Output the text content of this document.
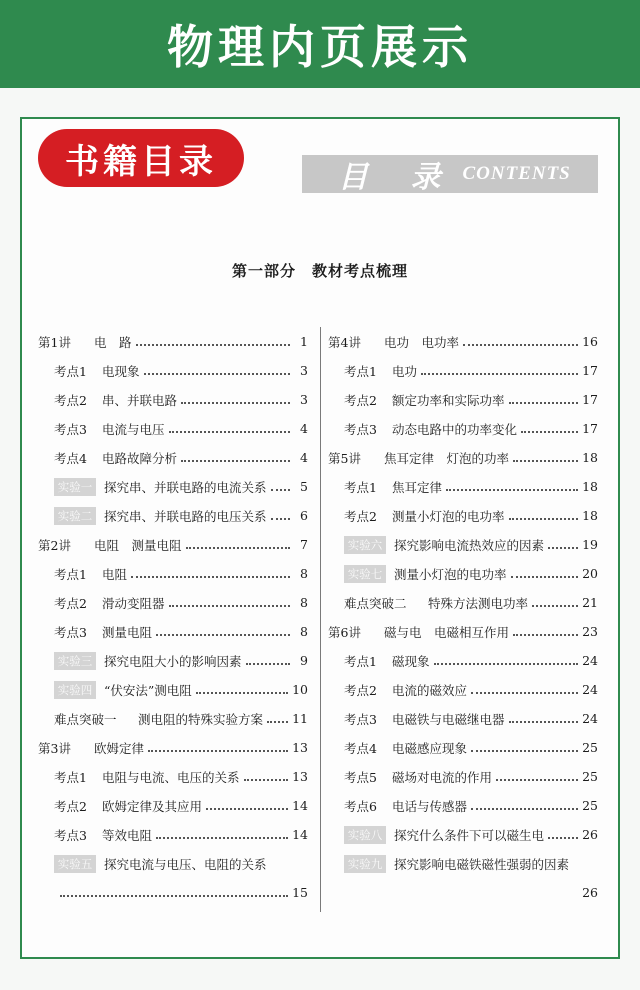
物理内页展示
书籍目录	目 录 CONTENTS
第一部分　教材考点梳理
第1讲	电　路	1
考点1	电现象	3
考点2	串、并联电路	3
考点3	电流与电压	4
考点4	电路故障分析	4
实验一 探究串、并联电路的电流关系	5
实验二 探究串、并联电路的电压关系	6
第2讲	电阻　测量电阻	7
考点1	电阻	8
考点2	滑动变阻器	8
考点3	测量电阻	8
实验三 探究电阻大小的影响因素	9
实验四 “伏安法”测电阻	10
难点突破一	测电阻的特殊实验方案 11
第3讲	欧姆定律	13
考点1	电阻与电流、电压的关系	13
考点2	欧姆定律及其应用	14
考点3	等效电阻	14
实验五 探究电流与电压、电阻的关系
15
第4讲	电功　电功率	16
考点1	电功	17
考点2	额定功率和实际功率	17
考点3	动态电路中的功率变化	17
第5讲	焦耳定律　灯泡的功率	18
考点1	焦耳定律	18
考点2	测量小灯泡的电功率	18
实验六 探究影响电流热效应的因素	19
实验七 测量小灯泡的电功率	20
难点突破二	特殊方法测电功率	21
第6讲	磁与电　电磁相互作用	23
考点1	磁现象	24
考点2	电流的磁效应	24
考点3	电磁铁与电磁继电器	24
考点4	电磁感应现象	25
考点5	磁场对电流的作用	25
考点6	电话与传感器	25
实验八 探究什么条件下可以磁生电	26
实验九 探究影响电磁铁磁性强弱的因素
26
